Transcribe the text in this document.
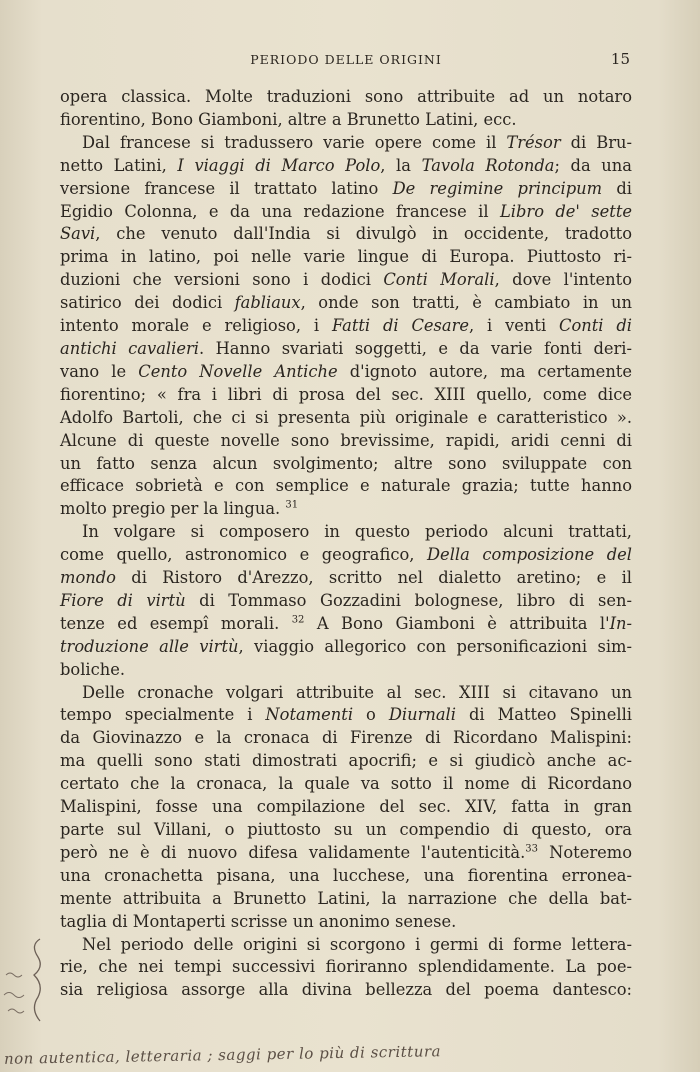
PERIODO DELLE ORIGINI	15
opera classica. Molte traduzioni sono attribuite ad un notaro
fiorentino, Bono Giamboni, altre a Brunetto Latini, ecc.
Dal francese si tradussero varie opere come il Trésor di Bru-
netto Latini, I viaggi di Marco Polo, la Tavola Rotonda; da una
versione francese il trattato latino De regimine principum di
Egidio Colonna, e da una redazione francese il Libro de' sette
Savi, che venuto dall'India si divulgò in occidente, tradotto
prima in latino, poi nelle varie lingue di Europa. Piuttosto ri-
duzioni che versioni sono i dodici Conti Morali, dove l'intento
satirico dei dodici fabliaux, onde son tratti, è cambiato in un
intento morale e religioso, i Fatti di Cesare, i venti Conti di
antichi cavalieri. Hanno svariati soggetti, e da varie fonti deri-
vano le Cento Novelle Antiche d'ignoto autore, ma certamente
fiorentino; « fra i libri di prosa del sec. XIII quello, come dice
Adolfo Bartoli, che ci si presenta più originale e caratteristico ».
Alcune di queste novelle sono brevissime, rapidi, aridi cenni di
un fatto senza alcun svolgimento; altre sono sviluppate con
efficace sobrietà e con semplice e naturale grazia; tutte hanno
molto pregio per la lingua. $^{31}$
In volgare si composero in questo periodo alcuni trattati,
come quello, astronomico e geografico, Della composizione del
mondo di Ristoro d'Arezzo, scritto nel dialetto aretino; e il
Fiore di virtù di Tommaso Gozzadini bolognese, libro di sen-
tenze ed esempî morali. $^{32}$ A Bono Giamboni è attribuita l'In-
troduzione alle virtù, viaggio allegorico con personificazioni sim-
boliche.
Delle cronache volgari attribuite al sec. XIII si citavano un
tempo specialmente i Notamenti o Diurnali di Matteo Spinelli
da Giovinazzo e la cronaca di Firenze di Ricordano Malispini:
ma quelli sono stati dimostrati apocrifi; e si giudicò anche ac-
certato che la cronaca, la quale va sotto il nome di Ricordano
Malispini, fosse una compilazione del sec. XIV, fatta in gran
parte sul Villani, o piuttosto su un compendio di questo, ora
però ne è di nuovo difesa validamente l'autenticità.$^{33}$ Noteremo
una cronachetta pisana, una lucchese, una fiorentina erronea-
mente attribuita a Brunetto Latini, la narrazione che della bat-
taglia di Montaperti scrisse un anonimo senese.
Nel periodo delle origini si scorgono i germi di forme lettera-
rie, che nei tempi successivi fioriranno splendidamente. La poe-
sia religiosa assorge alla divina bellezza del poema dantesco:
non autentica, letteraria ; saggi per lo più di scrittura
